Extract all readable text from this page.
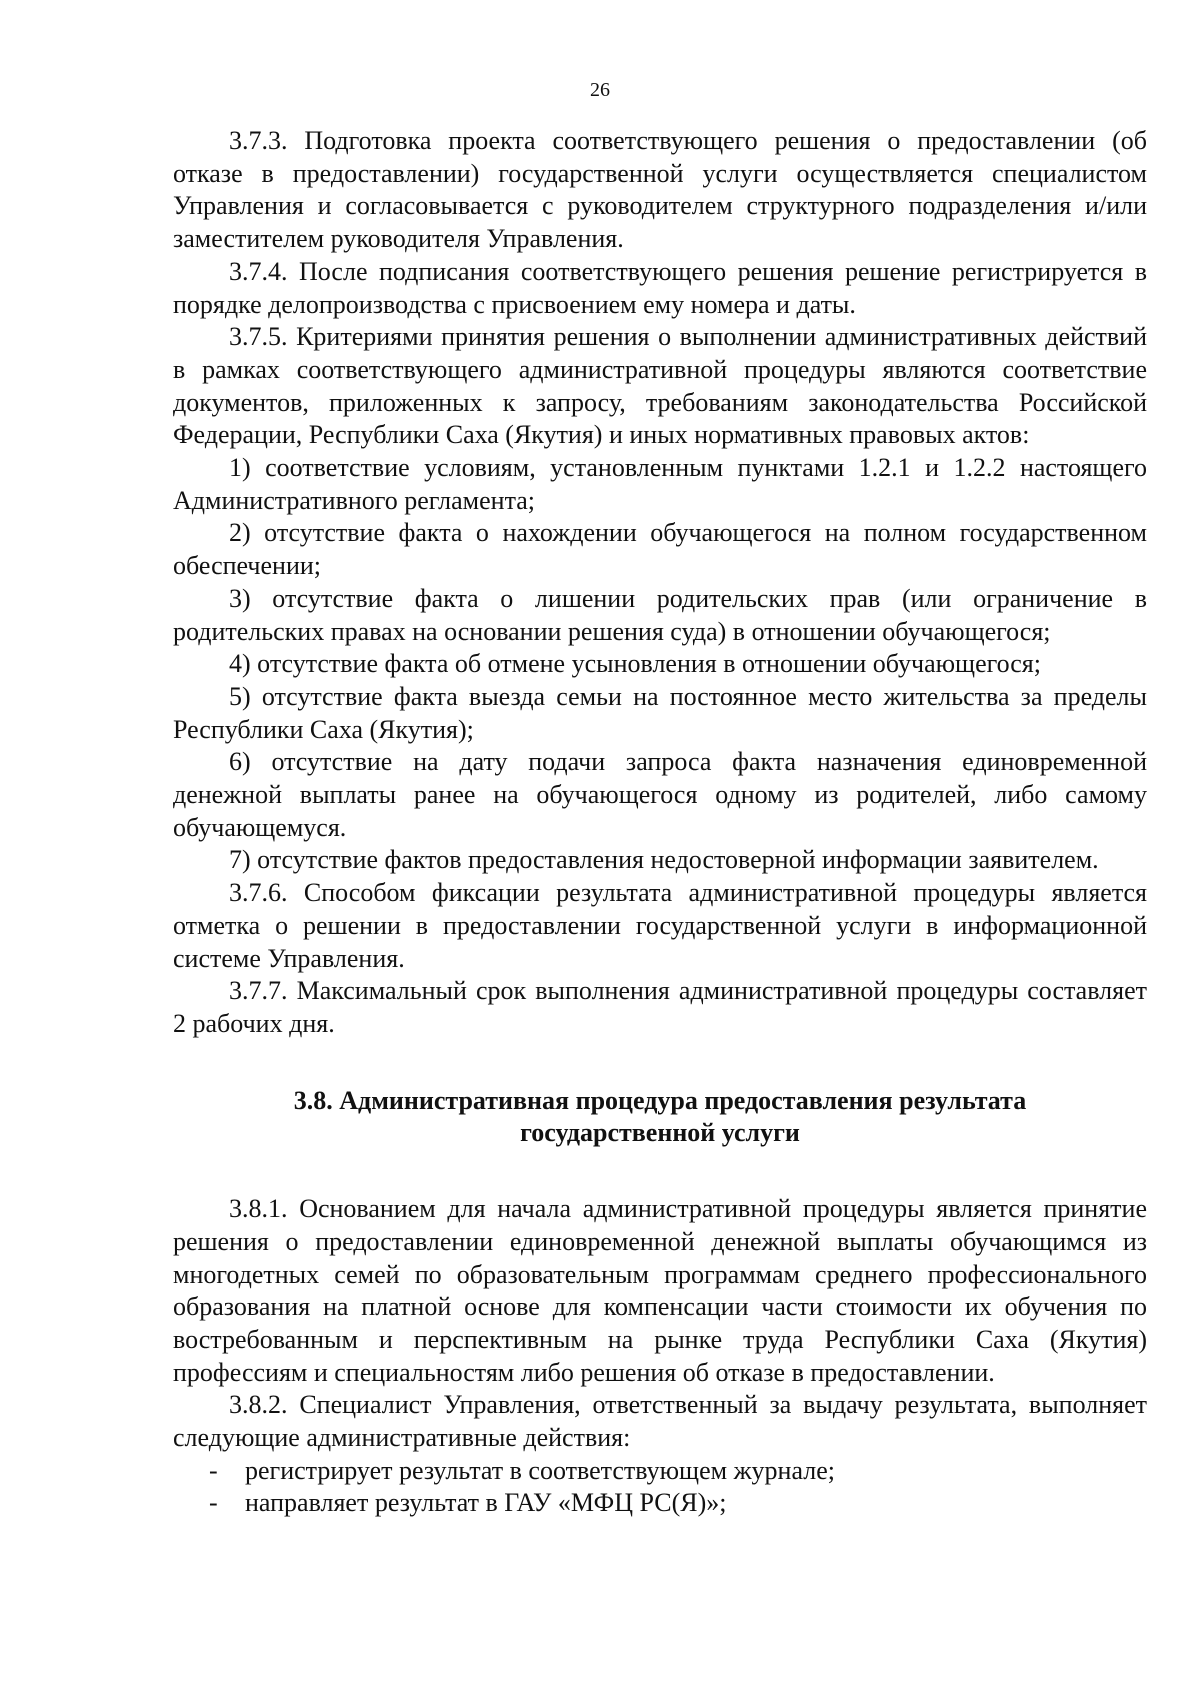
26

3.7.3. Подготовка проекта соответствующего решения о предоставлении (об отказе в предоставлении) государственной услуги осуществляется специалистом Управления и согласовывается с руководителем структурного подразделения и/или заместителем руководителя Управления.

3.7.4. После подписания соответствующего решения решение регистрируется в порядке делопроизводства с присвоением ему номера и даты.

3.7.5. Критериями принятия решения о выполнении административных действий в рамках соответствующего административной процедуры являются соответствие документов, приложенных к запросу, требованиям законодательства Российской Федерации, Республики Саха (Якутия) и иных нормативных правовых актов:

1) соответствие условиям, установленным пунктами 1.2.1 и 1.2.2 настоящего Административного регламента;

2) отсутствие факта о нахождении обучающегося на полном государственном обеспечении;

3) отсутствие факта о лишении родительских прав (или ограничение в родительских правах на основании решения суда) в отношении обучающегося;

4) отсутствие факта об отмене усыновления в отношении обучающегося;

5) отсутствие факта выезда семьи на постоянное место жительства за пределы Республики Саха (Якутия);

6) отсутствие на дату подачи запроса факта назначения единовременной денежной выплаты ранее на обучающегося одному из родителей, либо самому обучающемуся.

7) отсутствие фактов предоставления недостоверной информации заявителем.

3.7.6. Способом фиксации результата административной процедуры является отметка о решении в предоставлении государственной услуги в информационной системе Управления.

3.7.7. Максимальный срок выполнения административной процедуры составляет 2 рабочих дня.

3.8. Административная процедура предоставления результата
государственной услуги

3.8.1. Основанием для начала административной процедуры является принятие решения о предоставлении единовременной денежной выплаты обучающимся из многодетных семей по образовательным программам среднего профессионального образования на платной основе для компенсации части стоимости их обучения по востребованным и перспективным на рынке труда Республики Саха (Якутия) профессиям и специальностям либо решения об отказе в предоставлении.

3.8.2. Специалист Управления, ответственный за выдачу результата, выполняет следующие административные действия:

-	регистрирует результат в соответствующем журнале;
-	направляет результат в ГАУ «МФЦ РС(Я)»;
